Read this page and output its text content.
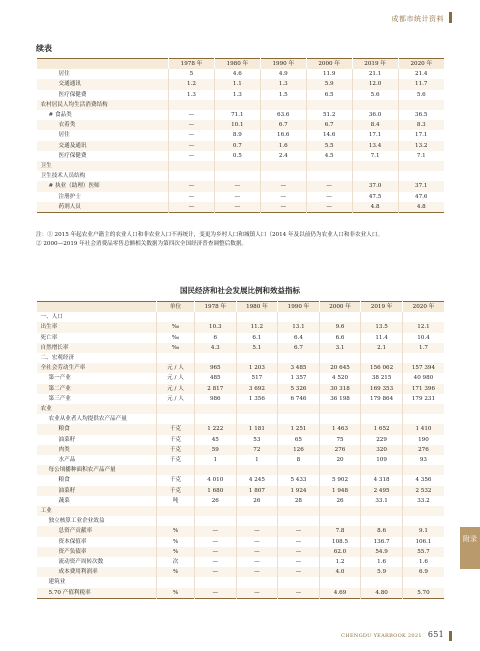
成都市统计资料
续表
	1978 年	1980 年	1990 年	2000 年	2019 年	2020 年
居住	5	4.6	4.9	11.9	21.1	21.4
交通通讯	1.2	1.1	1.3	5.9	12.0	11.7
医疗保健费	1.3	1.3	1.5	6.5	5.6	5.6
农村居民人均生活消费结构						
# 食品类	—	71.1	63.6	51.2	36.0	36.5
衣着类	—	10.1	6.7	6.7	8.4	8.3
居住	—	8.9	16.6	14.6	17.1	17.1
交通及通讯	—	0.7	1.6	5.5	13.4	13.2
医疗保健费	—	0.5	2.4	4.5	7.1	7.1
卫生						
卫生技术人员结构						
# 执业（助理）医师	—	—	—	—	37.0	37.1
注册护士	—	—	—	—	47.5	47.6
药剂人员	—	—	—	—	4.8	4.8
注：① 2015 年起农业户籍主的农业人口和非农业人口不再统计，变更为乡村人口和城镇人口（2014 年及以前仍为农业人口和非农业人口。
② 2000—2019 年社会消费品零售总额相关数据为第四次全国经济普查调整后数据。
国民经济和社会发展比例和效益指标
	单位	1978 年	1980 年	1990 年	2000 年	2019 年	2020 年
一、人口							
出生率	‰	10.3	11.2	13.1	9.6	13.5	12.1
死亡率	‰	6	6.1	6.4	6.6	11.4	10.4
自然增长率	‰	4.3	5.1	6.7	3.1	2.1	1.7
二、宏观经济							
全社会劳动生产率	元 / 人	965	1 203	3 485	20 645	156 062	157 394
第一产业	元 / 人	485	517	1 357	4 520	38 215	40 980
第二产业	元 / 人	2 817	3 692	5 326	30 318	169 353	171 396
第三产业	元 / 人	986	1 356	6 746	36 198	179 864	179 231
农业							
农业从业者人均提供农产品产量							
粮食	千克	1 222	1 181	1 251	1 463	1 652	1 410
油菜籽	千克	45	53	65	75	229	190
肉类	千克	59	72	126	276	320	276
水产品	千克	1	1	8	20	109	93
每公顷播种面积农产品产量							
粮食	千克	4 010	4 245	5 433	5 902	4 318	4 356
油菜籽	千克	1 680	1 807	1 924	1 948	2 495	2 532
蔬菜	吨	26	26	28	26	33.1	33.2
工业							
独立核算工业企业效益							
总资产贡献率	%	—	—	—	7.8	8.6	9.1
资本保值率	%	—	—	—	108.5	136.7	106.1
资产负债率	%	—	—	—	62.0	54.9	55.7
流动资产周转次数	次	—	—	—	1.2	1.6	1.6
成本费用利润率	%	—	—	—	4.0	5.9	6.9
建筑业							
5.70 产值利税率	%	—	—	—	4.69	4.80	5.70
附录
CHENGDU YEARBOOK 2021 651
